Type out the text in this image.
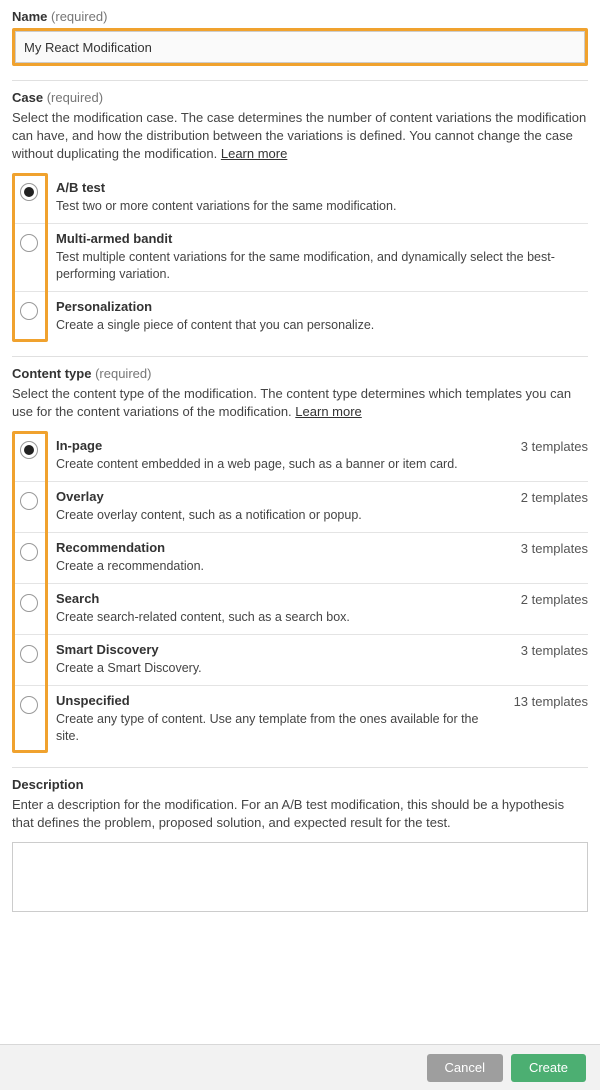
Name (required)
My React Modification
Case (required)
Select the modification case. The case determines the number of content variations the modification can have, and how the distribution between the variations is defined. You cannot change the case without duplicating the modification. Learn more
A/B test
Test two or more content variations for the same modification.
Multi-armed bandit
Test multiple content variations for the same modification, and dynamically select the best-performing variation.
Personalization
Create a single piece of content that you can personalize.
Content type (required)
Select the content type of the modification. The content type determines which templates you can use for the content variations of the modification. Learn more
In-page
Create content embedded in a web page, such as a banner or item card.
3 templates
Overlay
Create overlay content, such as a notification or popup.
2 templates
Recommendation
Create a recommendation.
3 templates
Search
Create search-related content, such as a search box.
2 templates
Smart Discovery
Create a Smart Discovery.
3 templates
Unspecified
Create any type of content. Use any template from the ones available for the site.
13 templates
Description
Enter a description for the modification. For an A/B test modification, this should be a hypothesis that defines the problem, proposed solution, and expected result for the test.
Cancel	Create
